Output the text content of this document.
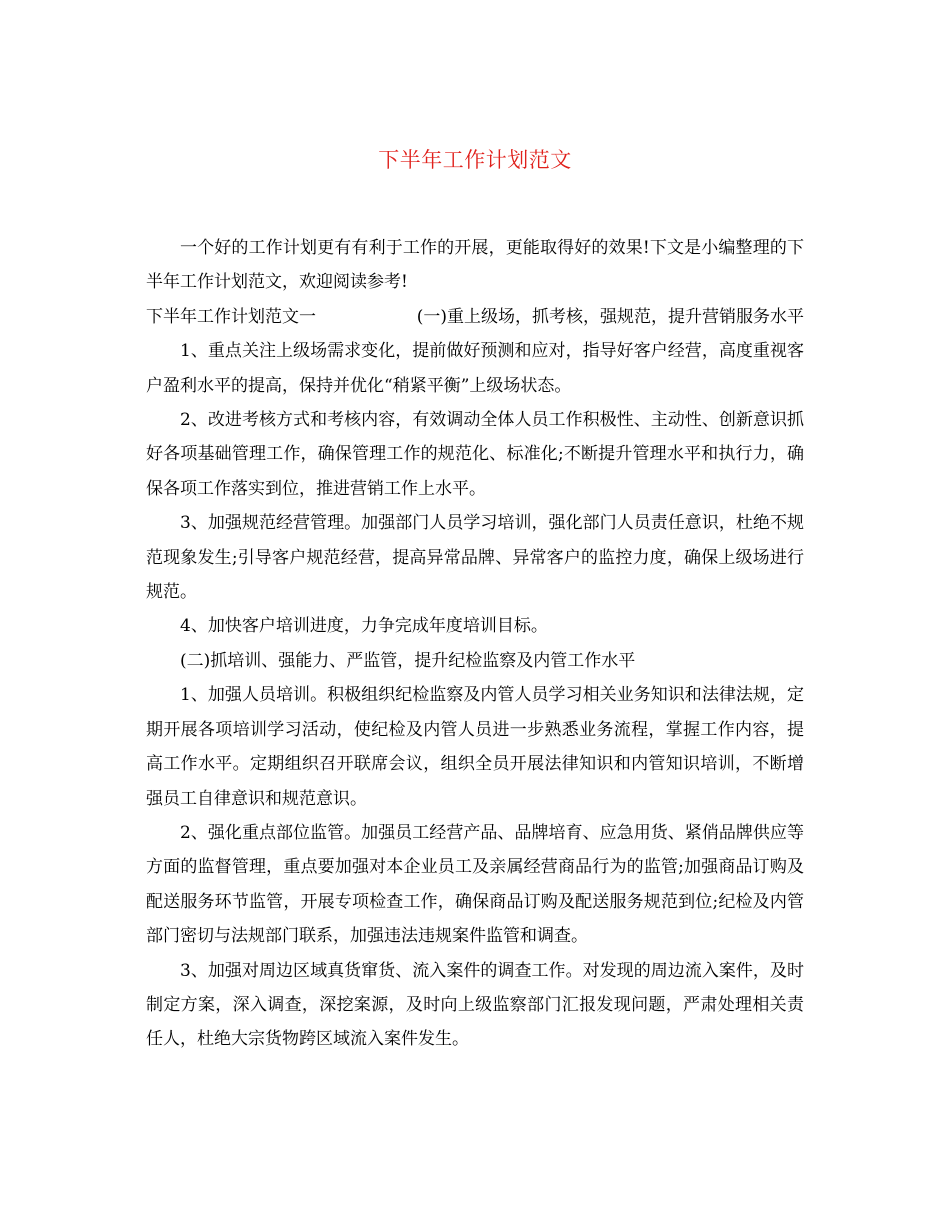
下半年工作计划范文

一个好的工作计划更有有利于工作的开展，更能取得好的效果!下文是小编整理的下半年工作计划范文，欢迎阅读参考!

下半年工作计划范文一	(一)重上级场，抓考核，强规范，提升营销服务水平

1、重点关注上级场需求变化，提前做好预测和应对，指导好客户经营，高度重视客户盈利水平的提高，保持并优化“稍紧平衡”上级场状态。

2、改进考核方式和考核内容，有效调动全体人员工作积极性、主动性、创新意识抓好各项基础管理工作，确保管理工作的规范化、标准化;不断提升管理水平和执行力，确保各项工作落实到位，推进营销工作上水平。

3、加强规范经营管理。加强部门人员学习培训，强化部门人员责任意识，杜绝不规范现象发生;引导客户规范经营，提高异常品牌、异常客户的监控力度，确保上级场进行规范。

4、加快客户培训进度，力争完成年度培训目标。

(二)抓培训、强能力、严监管，提升纪检监察及内管工作水平

1、加强人员培训。积极组织纪检监察及内管人员学习相关业务知识和法律法规，定期开展各项培训学习活动，使纪检及内管人员进一步熟悉业务流程，掌握工作内容，提高工作水平。定期组织召开联席会议，组织全员开展法律知识和内管知识培训，不断增强员工自律意识和规范意识。

2、强化重点部位监管。加强员工经营产品、品牌培育、应急用货、紧俏品牌供应等方面的监督管理，重点要加强对本企业员工及亲属经营商品行为的监管;加强商品订购及配送服务环节监管，开展专项检查工作，确保商品订购及配送服务规范到位;纪检及内管部门密切与法规部门联系，加强违法违规案件监管和调查。

3、加强对周边区域真货窜货、流入案件的调查工作。对发现的周边流入案件，及时制定方案，深入调查，深挖案源，及时向上级监察部门汇报发现问题，严肃处理相关责任人，杜绝大宗货物跨区域流入案件发生。
